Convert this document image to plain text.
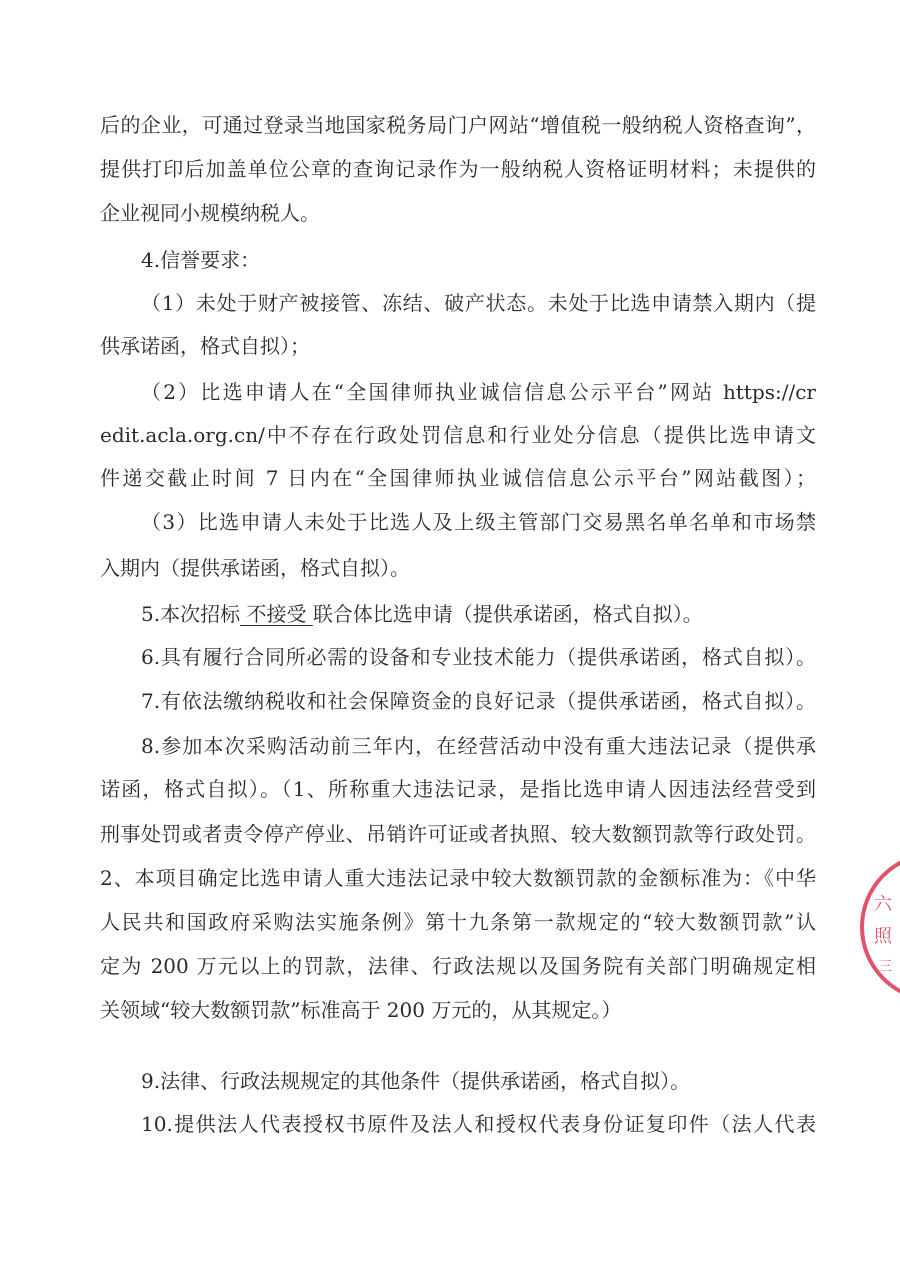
后的企业，可通过登录当地国家税务局门户网站“增值税一般纳税人资格查询”，
提供打印后加盖单位公章的查询记录作为一般纳税人资格证明材料；未提供的
企业视同小规模纳税人。
4.信誉要求：
（1）未处于财产被接管、冻结、破产状态。未处于比选申请禁入期内（提
供承诺函，格式自拟）；
（2）比选申请人在“全国律师执业诚信信息公示平台”网站 https://cr
edit.acla.org.cn/中不存在行政处罚信息和行业处分信息（提供比选申请文
件递交截止时间 7 日内在“全国律师执业诚信信息公示平台”网站截图）；
（3）比选申请人未处于比选人及上级主管部门交易黑名单名单和市场禁
入期内（提供承诺函，格式自拟）。
5.本次招标 不接受 联合体比选申请（提供承诺函，格式自拟）。
6.具有履行合同所必需的设备和专业技术能力（提供承诺函，格式自拟）。
7.有依法缴纳税收和社会保障资金的良好记录（提供承诺函，格式自拟）。
8.参加本次采购活动前三年内，在经营活动中没有重大违法记录（提供承
诺函，格式自拟）。（1、所称重大违法记录，是指比选申请人因违法经营受到
刑事处罚或者责令停产停业、吊销许可证或者执照、较大数额罚款等行政处罚。
2、本项目确定比选申请人重大违法记录中较大数额罚款的金额标准为：《中华
人民共和国政府采购法实施条例》第十九条第一款规定的“较大数额罚款”认
定为 200 万元以上的罚款，法律、行政法规以及国务院有关部门明确规定相
关领域“较大数额罚款”标准高于 200 万元的，从其规定。）
9.法律、行政法规规定的其他条件（提供承诺函，格式自拟）。
10.提供法人代表授权书原件及法人和授权代表身份证复印件（法人代表
六
照
三
